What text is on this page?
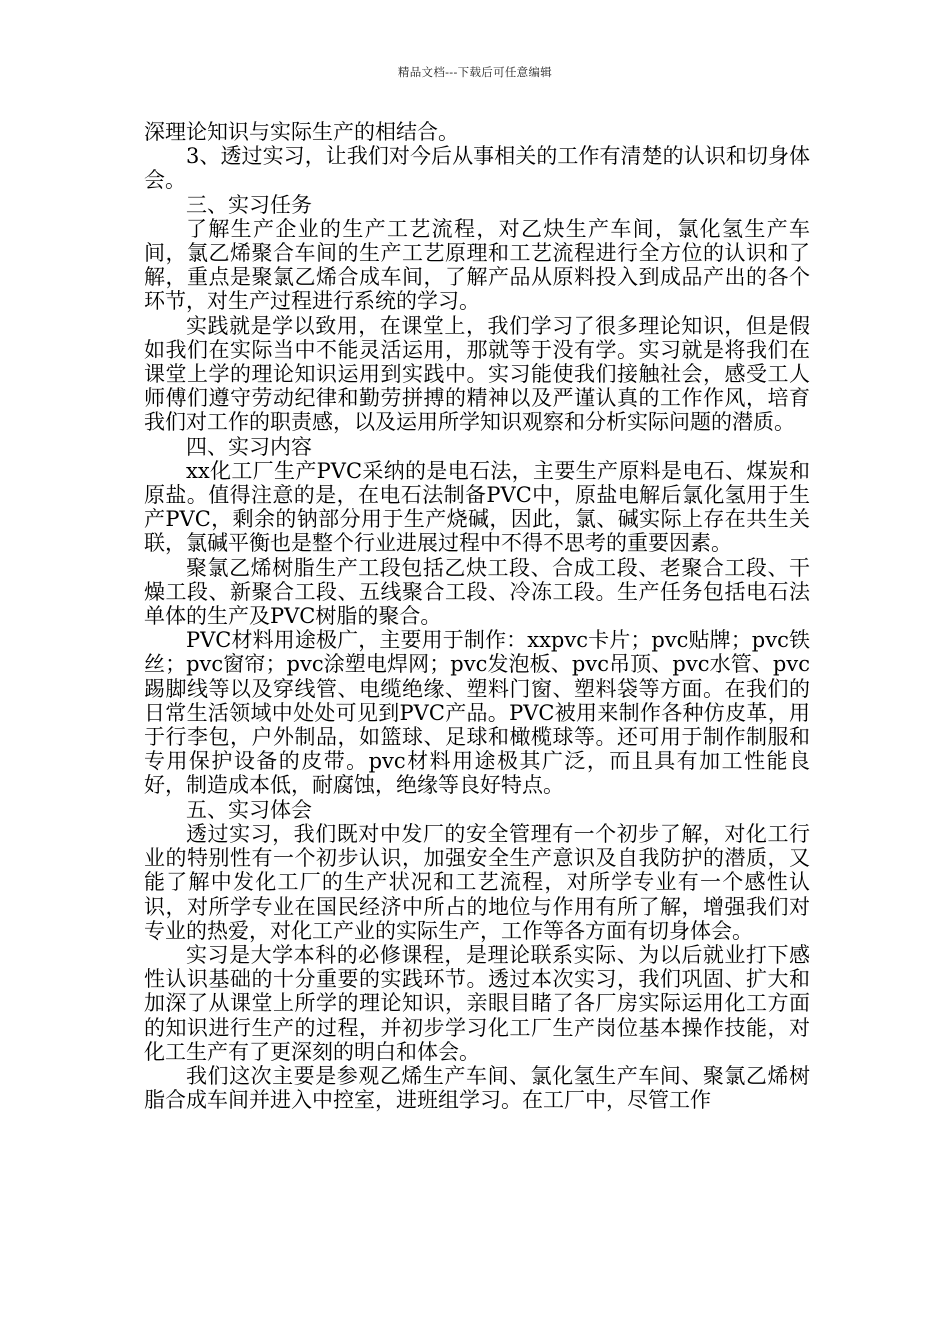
精品文档---下载后可任意编辑

深理论知识与实际生产的相结合。

3、透过实习，让我们对今后从事相关的工作有清楚的认识和切身体会。

三、实习任务

了解生产企业的生产工艺流程，对乙炔生产车间，氯化氢生产车间，氯乙烯聚合车间的生产工艺原理和工艺流程进行全方位的认识和了解，重点是聚氯乙烯合成车间，了解产品从原料投入到成品产出的各个环节，对生产过程进行系统的学习。

实践就是学以致用，在课堂上，我们学习了很多理论知识，但是假如我们在实际当中不能灵活运用，那就等于没有学。实习就是将我们在课堂上学的理论知识运用到实践中。实习能使我们接触社会，感受工人师傅们遵守劳动纪律和勤劳拼搏的精神以及严谨认真的工作作风，培育我们对工作的职责感，以及运用所学知识观察和分析实际问题的潜质。

四、实习内容

xx化工厂生产PVC采纳的是电石法，主要生产原料是电石、煤炭和原盐。值得注意的是，在电石法制备PVC中，原盐电解后氯化氢用于生产PVC，剩余的钠部分用于生产烧碱，因此，氯、碱实际上存在共生关联，氯碱平衡也是整个行业进展过程中不得不思考的重要因素。

聚氯乙烯树脂生产工段包括乙炔工段、合成工段、老聚合工段、干燥工段、新聚合工段、五线聚合工段、冷冻工段。生产任务包括电石法单体的生产及PVC树脂的聚合。

PVC材料用途极广，主要用于制作：xxpvc卡片；pvc贴牌；pvc铁丝；pvc窗帘；pvc涂塑电焊网；pvc发泡板、pvc吊顶、pvc水管、pvc踢脚线等以及穿线管、电缆绝缘、塑料门窗、塑料袋等方面。在我们的日常生活领域中处处可见到PVC产品。PVC被用来制作各种仿皮革，用于行李包，户外制品，如篮球、足球和橄榄球等。还可用于制作制服和专用保护设备的皮带。pvc材料用途极其广泛，而且具有加工性能良好，制造成本低，耐腐蚀，绝缘等良好特点。

五、实习体会

透过实习，我们既对中发厂的安全管理有一个初步了解，对化工行业的特别性有一个初步认识，加强安全生产意识及自我防护的潜质，又能了解中发化工厂的生产状况和工艺流程，对所学专业有一个感性认识，对所学专业在国民经济中所占的地位与作用有所了解，增强我们对专业的热爱，对化工产业的实际生产，工作等各方面有切身体会。

实习是大学本科的必修课程，是理论联系实际、为以后就业打下感性认识基础的十分重要的实践环节。透过本次实习，我们巩固、扩大和加深了从课堂上所学的理论知识，亲眼目睹了各厂房实际运用化工方面的知识进行生产的过程，并初步学习化工厂生产岗位基本操作技能，对化工生产有了更深刻的明白和体会。

我们这次主要是参观乙烯生产车间、氯化氢生产车间、聚氯乙烯树脂合成车间并进入中控室，进班组学习。在工厂中，尽管工作
